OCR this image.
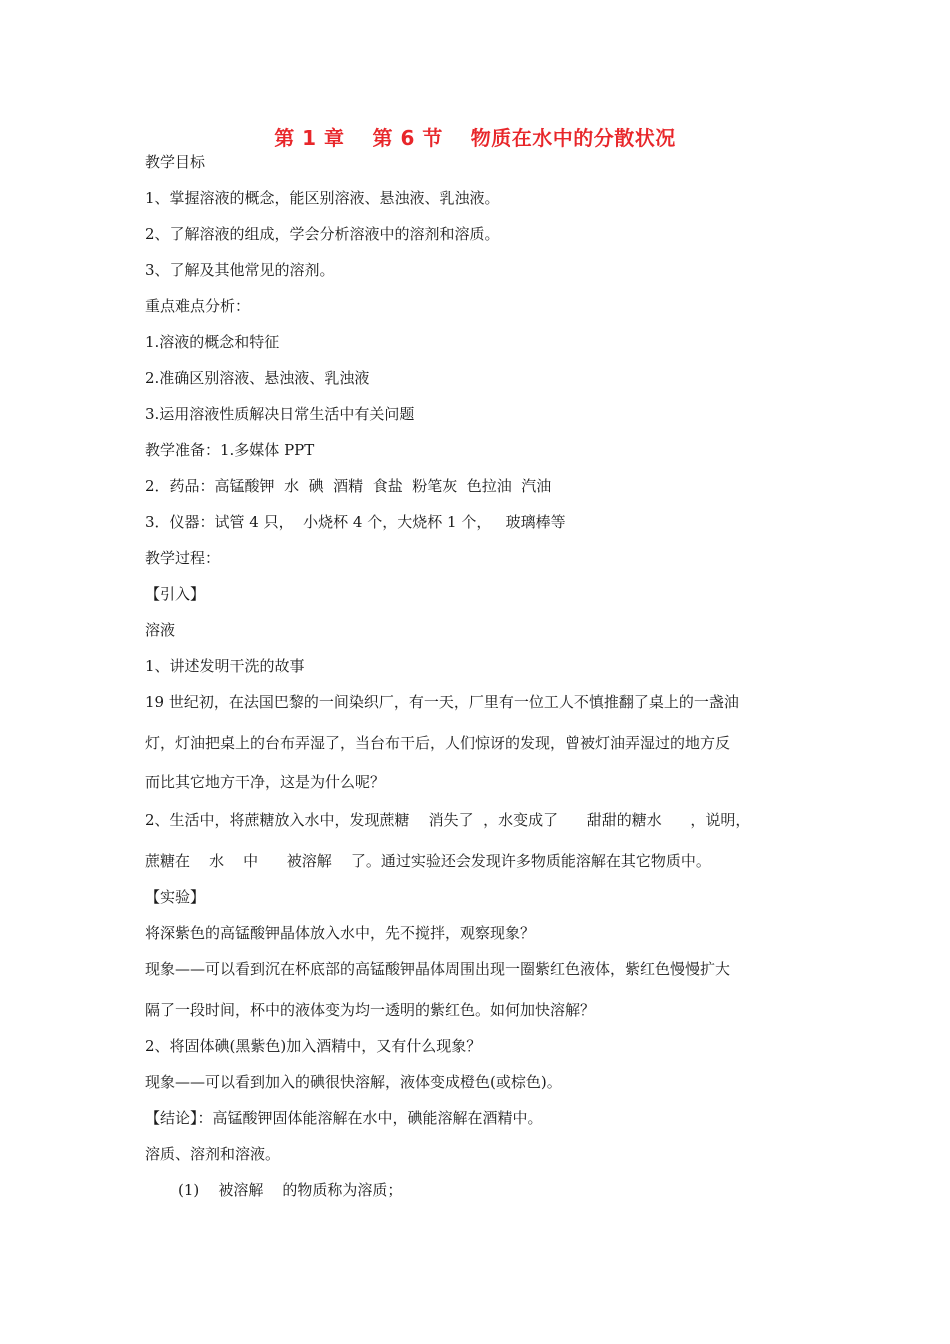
第 1 章　 第 6 节　 物质在水中的分散状况
教学目标
1、掌握溶液的概念，能区别溶液、悬浊液、乳浊液。
2、了解溶液的组成，学会分析溶液中的溶剂和溶质。
3、了解及其他常见的溶剂。
重点难点分析：
1.溶液的概念和特征
2.准确区别溶液、悬浊液、乳浊液
3.运用溶液性质解决日常生活中有关问题
教学准备：1.多媒体 PPT
2．药品：高锰酸钾  水  碘  酒精  食盐  粉笔灰  色拉油  汽油
3．仪器：试管 4 只，  小烧杯 4 个，大烧杯 1 个，   玻璃棒等
教学过程：
【引入】
溶液
1、讲述发明干洗的故事
19 世纪初，在法国巴黎的一间染织厂，有一天，厂里有一位工人不慎推翻了桌上的一盏油
灯，灯油把桌上的台布弄湿了，当台布干后，人们惊讶的发现，曾被灯油弄湿过的地方反
而比其它地方干净，这是为什么呢？
2、生活中，将蔗糖放入水中，发现蔗糖    消失了  ，水变成了      甜甜的糖水      ，说明，
蔗糖在    水    中      被溶解    了。通过实验还会发现许多物质能溶解在其它物质中。
【实验】
将深紫色的高锰酸钾晶体放入水中，先不搅拌，观察现象？
现象——可以看到沉在杯底部的高锰酸钾晶体周围出现一圈紫红色液体，紫红色慢慢扩大
隔了一段时间，杯中的液体变为均一透明的紫红色。如何加快溶解？
2、将固体碘(黑紫色)加入酒精中，又有什么现象？
现象——可以看到加入的碘很快溶解，液体变成橙色(或棕色)。
【结论】：高锰酸钾固体能溶解在水中，碘能溶解在酒精中。
溶质、溶剂和溶液。
(1)    被溶解    的物质称为溶质；
